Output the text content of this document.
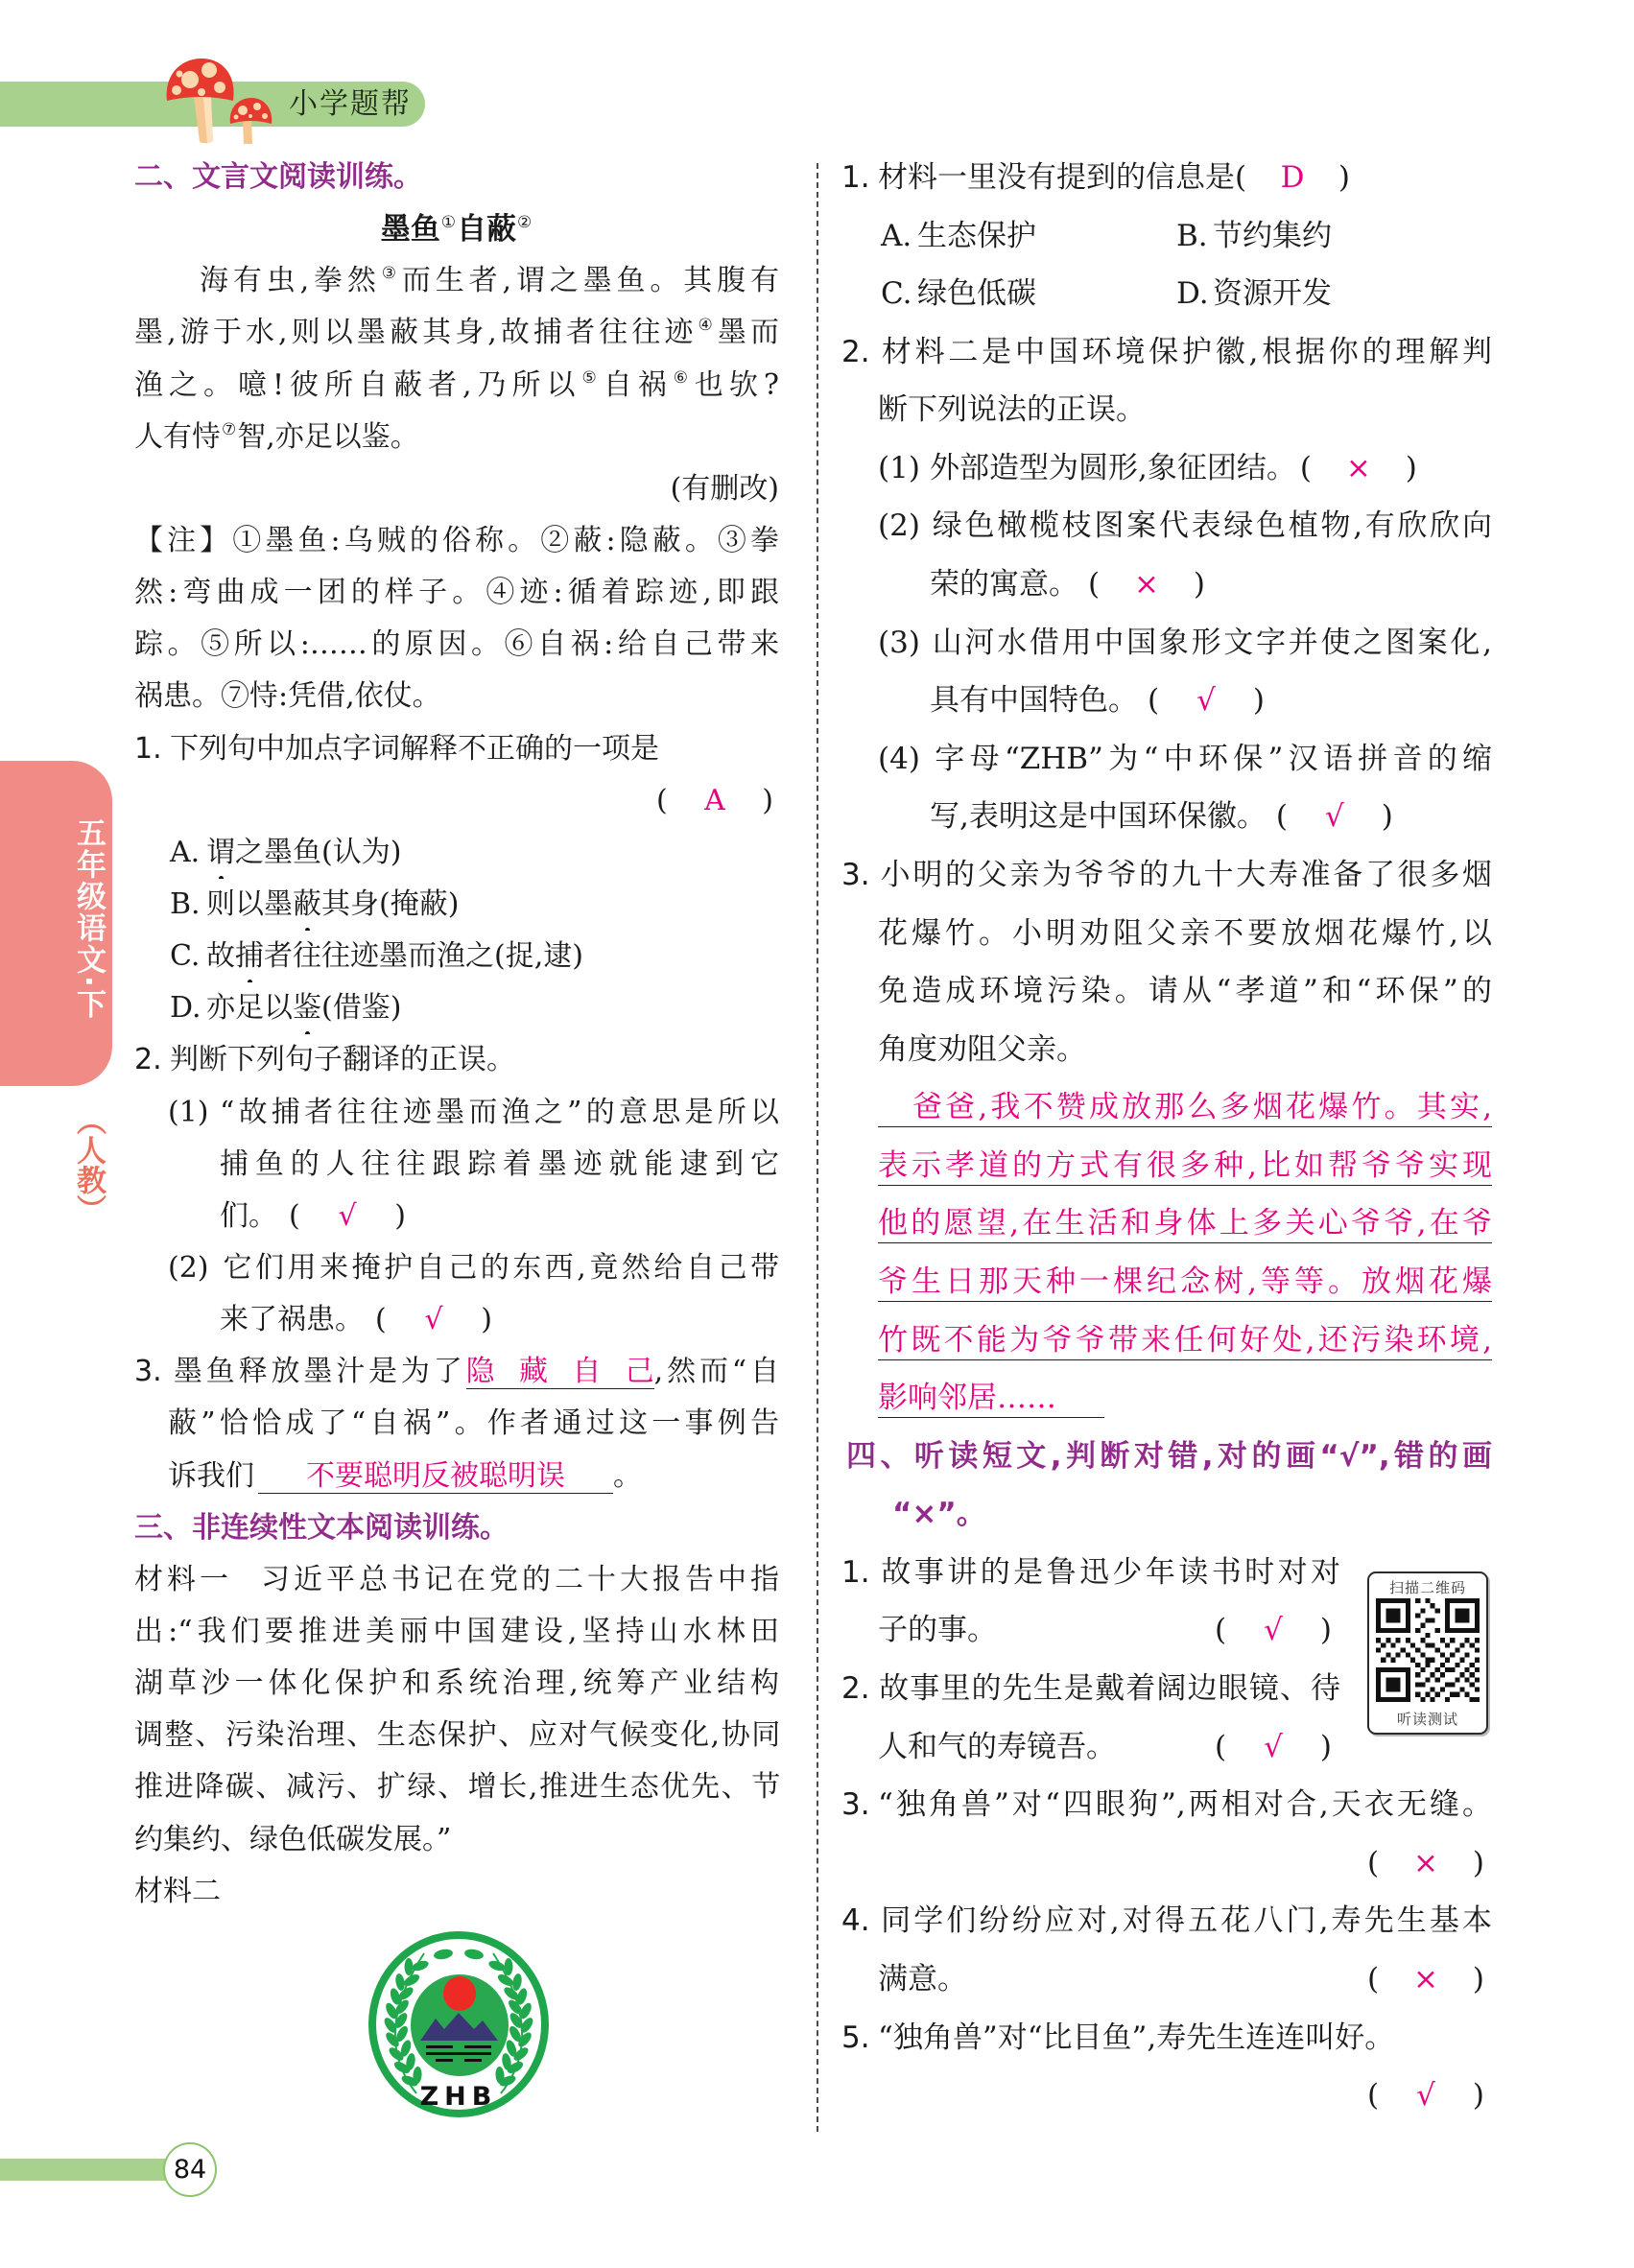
小学题帮
五年级语文·下
（人教）
二、文言文阅读训练。
墨鱼①自蔽②
海有虫,拳然③而生者,谓之墨鱼。其腹有
墨,游于水,则以墨蔽其身,故捕者往往迹④墨而
渔之。噫!彼所自蔽者,乃所以⑤自祸⑥也欤?
人有恃⑦智,亦足以鉴。
(有删改)
【注】①墨鱼:乌贼的俗称。②蔽:隐蔽。③拳
然:弯曲成一团的样子。④迹:循着踪迹,即跟
踪。⑤所以:……的原因。⑥自祸:给自己带来
祸患。⑦恃:凭借,依仗。
1. 下列句中加点字词解释不正确的一项是
( A )
A. 谓之墨鱼(认为)
B. 则以墨蔽其身(掩蔽)
C. 故捕者往往迹墨而渔之(捉,逮)
D. 亦足以鉴(借鉴)
2. 判断下列句子翻译的正误。
(1) “故捕者往往迹墨而渔之”的意思是所以
捕鱼的人往往跟踪着墨迹就能逮到它
们。 ( √ )
(2) 它们用来掩护自己的东西,竟然给自己带
来了祸患。 ( √ )
3. 墨鱼释放墨汁是为了隐藏自己,然而“自
蔽”恰恰成了“自祸”。作者通过这一事例告
诉我们 不要聪明反被聪明误 。
三、非连续性文本阅读训练。
材料一 习近平总书记在党的二十大报告中指
出:“我们要推进美丽中国建设,坚持山水林田
湖草沙一体化保护和系统治理,统筹产业结构
调整、污染治理、生态保护、应对气候变化,协同
推进降碳、减污、扩绿、增长,推进生态优先、节
约集约、绿色低碳发展。”
材料二
ZHB
1. 材料一里没有提到的信息是 ( D )
A. 生态保护	B. 节约集约
C. 绿色低碳	D. 资源开发
2. 材料二是中国环境保护徽,根据你的理解判
断下列说法的正误。
(1) 外部造型为圆形,象征团结。 ( × )
(2) 绿色橄榄枝图案代表绿色植物,有欣欣向
荣的寓意。 ( × )
(3) 山河水借用中国象形文字并使之图案化,
具有中国特色。 ( √ )
(4) 字母“ZHB”为“中环保”汉语拼音的缩
写,表明这是中国环保徽。 ( √ )
3. 小明的父亲为爷爷的九十大寿准备了很多烟
花爆竹。小明劝阻父亲不要放烟花爆竹,以
免造成环境污染。请从“孝道”和“环保”的
角度劝阻父亲。
爸爸,我不赞成放那么多烟花爆竹。其实,
表示孝道的方式有很多种,比如帮爷爷实现
他的愿望,在生活和身体上多关心爷爷,在爷
爷生日那天种一棵纪念树,等等。放烟花爆
竹既不能为爷爷带来任何好处,还污染环境,
影响邻居……
四、听读短文,判断对错,对的画“√”,错的画
“×”。
1. 故事讲的是鲁迅少年读书时对对
子的事。	( √ )
2. 故事里的先生是戴着阔边眼镜、待
人和气的寿镜吾。	( √ )
3. “独角兽”对“四眼狗”,两相对合,天衣无缝。
( × )
4. 同学们纷纷应对,对得五花八门,寿先生基本
满意。	( × )
5. “独角兽”对“比目鱼”,寿先生连连叫好。
( √ )
扫描二维码
听读测试
84
